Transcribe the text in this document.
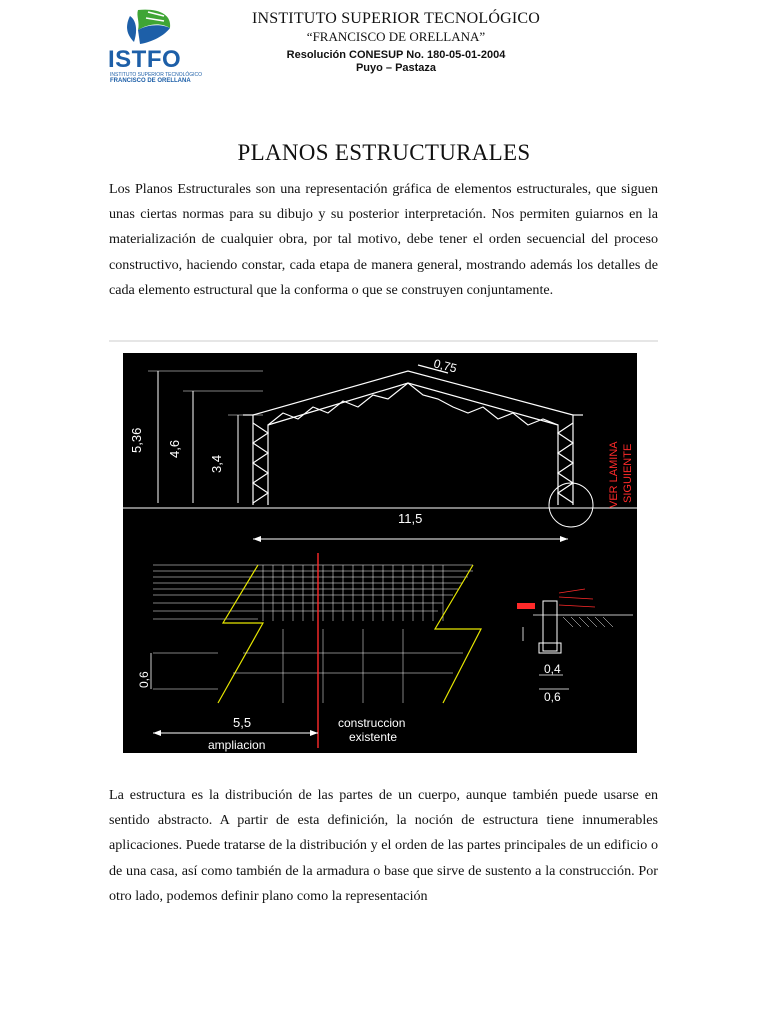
ISTFO
INSTITUTO SUPERIOR TECNOLÓGICO
FRANCISCO DE ORELLANA
INSTITUTO SUPERIOR TECNOLÓGICO
“FRANCISCO DE ORELLANA”
Resolución CONESUP No. 180-05-01-2004
Puyo – Pastaza
PLANOS ESTRUCTURALES

Los Planos Estructurales son una representación gráfica de elementos estructurales, que siguen unas ciertas normas para su dibujo y su posterior interpretación. Nos permiten guiarnos en la materialización de cualquier obra, por tal motivo, debe tener el orden secuencial del proceso constructivo, haciendo constar, cada etapa de manera general, mostrando además los detalles de cada elemento estructural que la conforma o que se construyen conjuntamente.

5,36 4,6
3,4
0,75
VER LAMINA SIGUIENTE
11,5
0,6
5,5
ampliacion
construccion
existente
0,4
0,6

La estructura es la distribución de las partes de un cuerpo, aunque también puede usarse en sentido abstracto. A partir de esta definición, la noción de estructura tiene innumerables aplicaciones. Puede tratarse de la distribución y el orden de las partes principales de un edificio o de una casa, así como también de la armadura o base que sirve de sustento a la construcción. Por otro lado, podemos definir plano como la representación
